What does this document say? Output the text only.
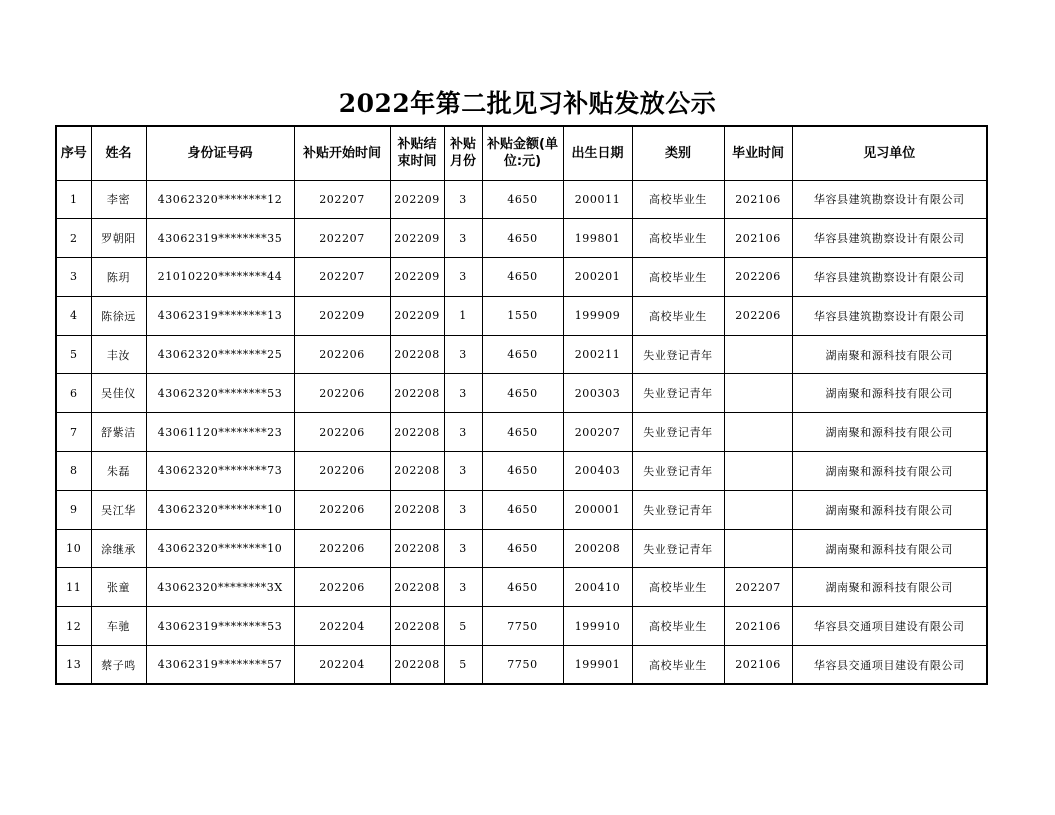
2022年第二批见习补贴发放公示
序号	姓名	身份证号码	补贴开始时间	补贴结束时间	补贴月份	补贴金额(单位:元)	出生日期	类别	毕业时间	见习单位
1	李密	43062320********12	202207	202209	3	4650	200011	高校毕业生	202106	华容县建筑勘察设计有限公司
2	罗朝阳	43062319********35	202207	202209	3	4650	199801	高校毕业生	202106	华容县建筑勘察设计有限公司
3	陈玥	21010220********44	202207	202209	3	4650	200201	高校毕业生	202206	华容县建筑勘察设计有限公司
4	陈徐远	43062319********13	202209	202209	1	1550	199909	高校毕业生	202206	华容县建筑勘察设计有限公司
5	丰汝	43062320********25	202206	202208	3	4650	200211	失业登记青年		湖南聚和源科技有限公司
6	吴佳仪	43062320********53	202206	202208	3	4650	200303	失业登记青年		湖南聚和源科技有限公司
7	舒紫洁	43061120********23	202206	202208	3	4650	200207	失业登记青年		湖南聚和源科技有限公司
8	朱磊	43062320********73	202206	202208	3	4650	200403	失业登记青年		湖南聚和源科技有限公司
9	吴江华	43062320********10	202206	202208	3	4650	200001	失业登记青年		湖南聚和源科技有限公司
10	涂继承	43062320********10	202206	202208	3	4650	200208	失业登记青年		湖南聚和源科技有限公司
11	张童	43062320********3X	202206	202208	3	4650	200410	高校毕业生	202207	湖南聚和源科技有限公司
12	车驰	43062319********53	202204	202208	5	7750	199910	高校毕业生	202106	华容县交通项目建设有限公司
13	蔡子鸣	43062319********57	202204	202208	5	7750	199901	高校毕业生	202106	华容县交通项目建设有限公司
